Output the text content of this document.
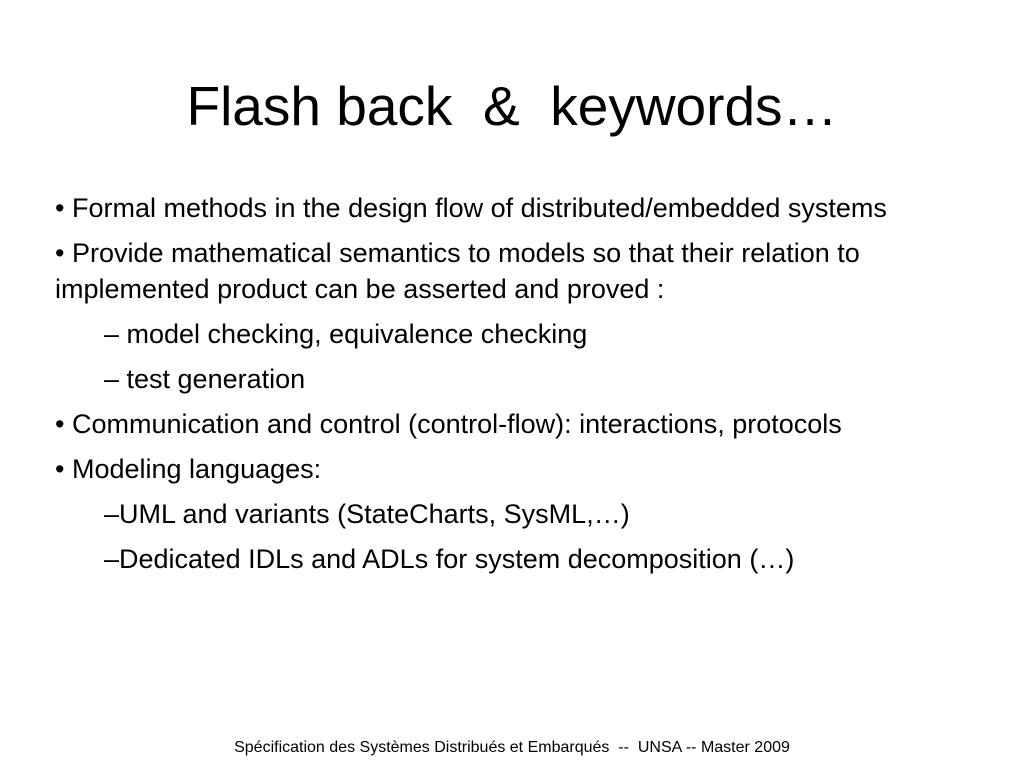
Flash back  &  keywords…
• Formal methods in the design flow of distributed/embedded systems
• Provide mathematical semantics to models so that their relation to implemented product can be asserted and proved :
– model checking, equivalence checking
– test generation
• Communication and control (control-flow): interactions, protocols
• Modeling languages:
–UML and variants (StateCharts, SysML,…)
–Dedicated IDLs and ADLs for system decomposition (…)
Spécification des Systèmes Distribués et Embarqués  --  UNSA -- Master 2009
